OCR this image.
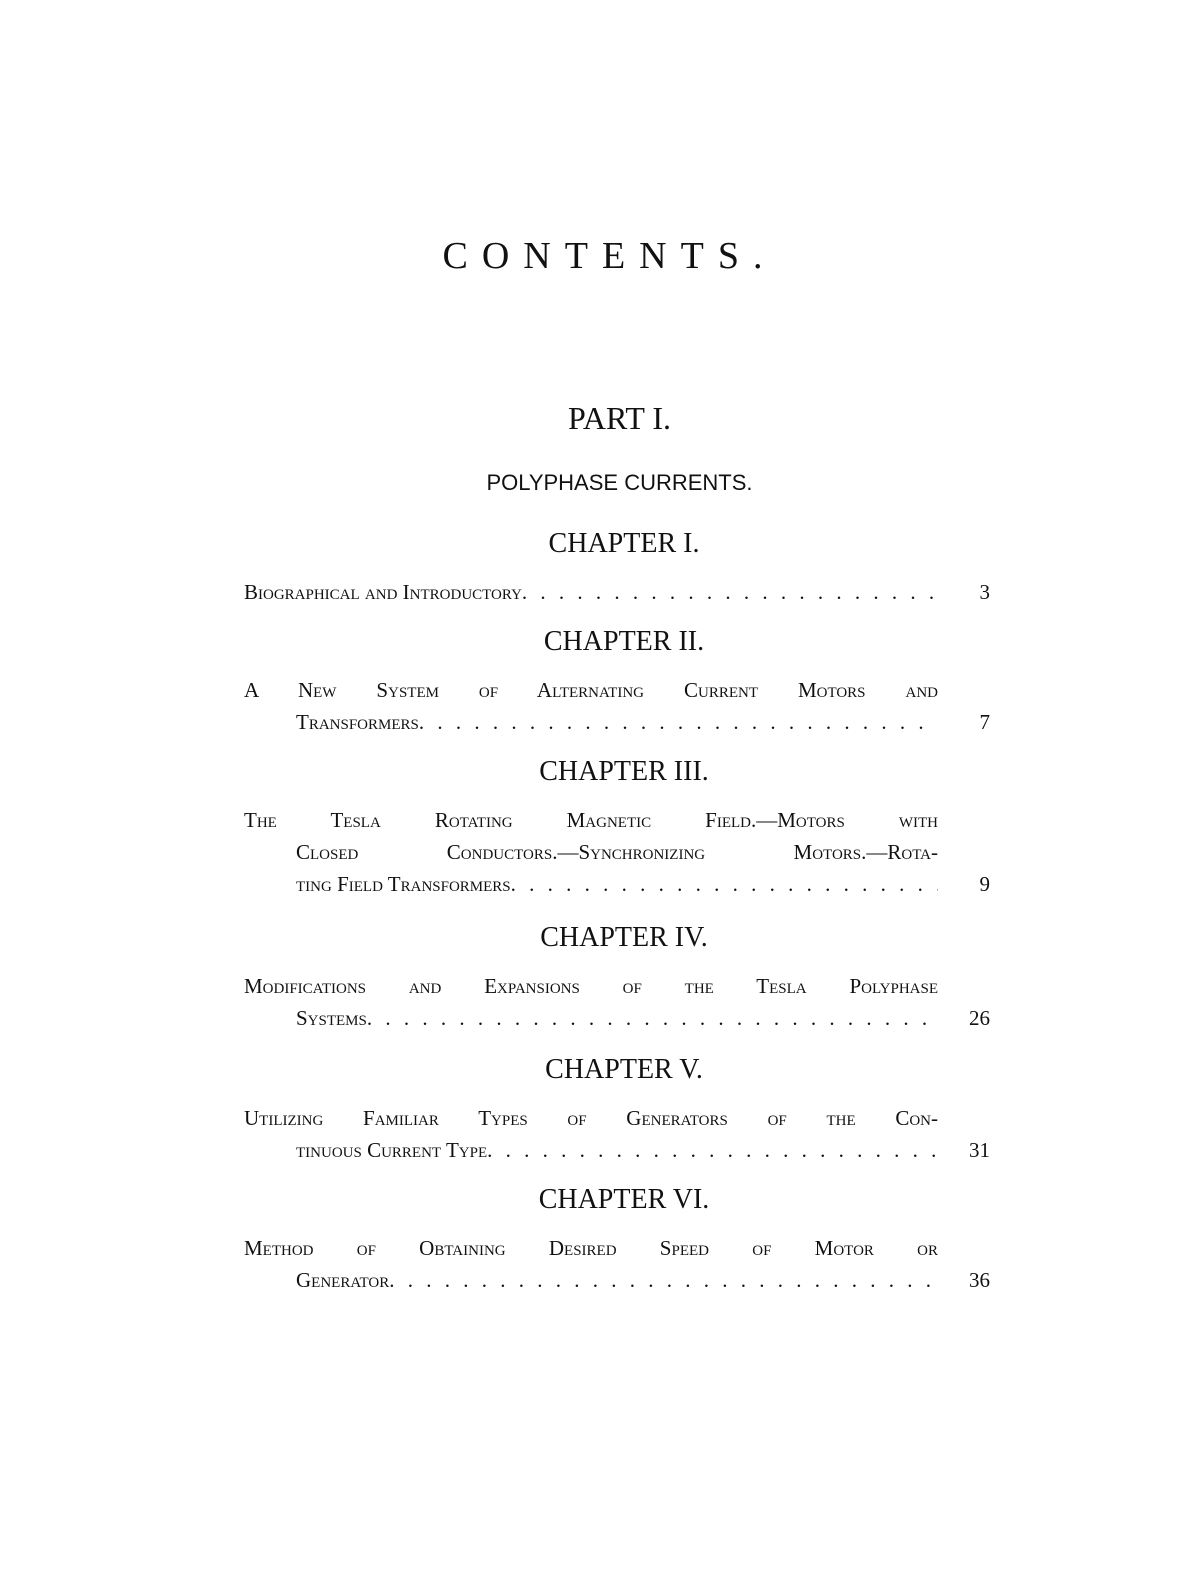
CONTENTS.
PART I.
POLYPHASE CURRENTS.
CHAPTER I.
Biographical and Introductory . . .	3
CHAPTER II.
A New System of Alternating Current Motors and
Transformers . . .	7
CHAPTER III.
The Tesla Rotating Magnetic Field.—Motors with
Closed Conductors.—Synchronizing Motors.—Rota-
ting Field Transformers . . .	9
CHAPTER IV.
Modifications and Expansions of the Tesla Polyphase
Systems . . .	26
CHAPTER V.
Utilizing Familiar Types of Generators of the Con-
tinuous Current Type . . .	31
CHAPTER VI.
Method of Obtaining Desired Speed of Motor or
Generator . . .	36
